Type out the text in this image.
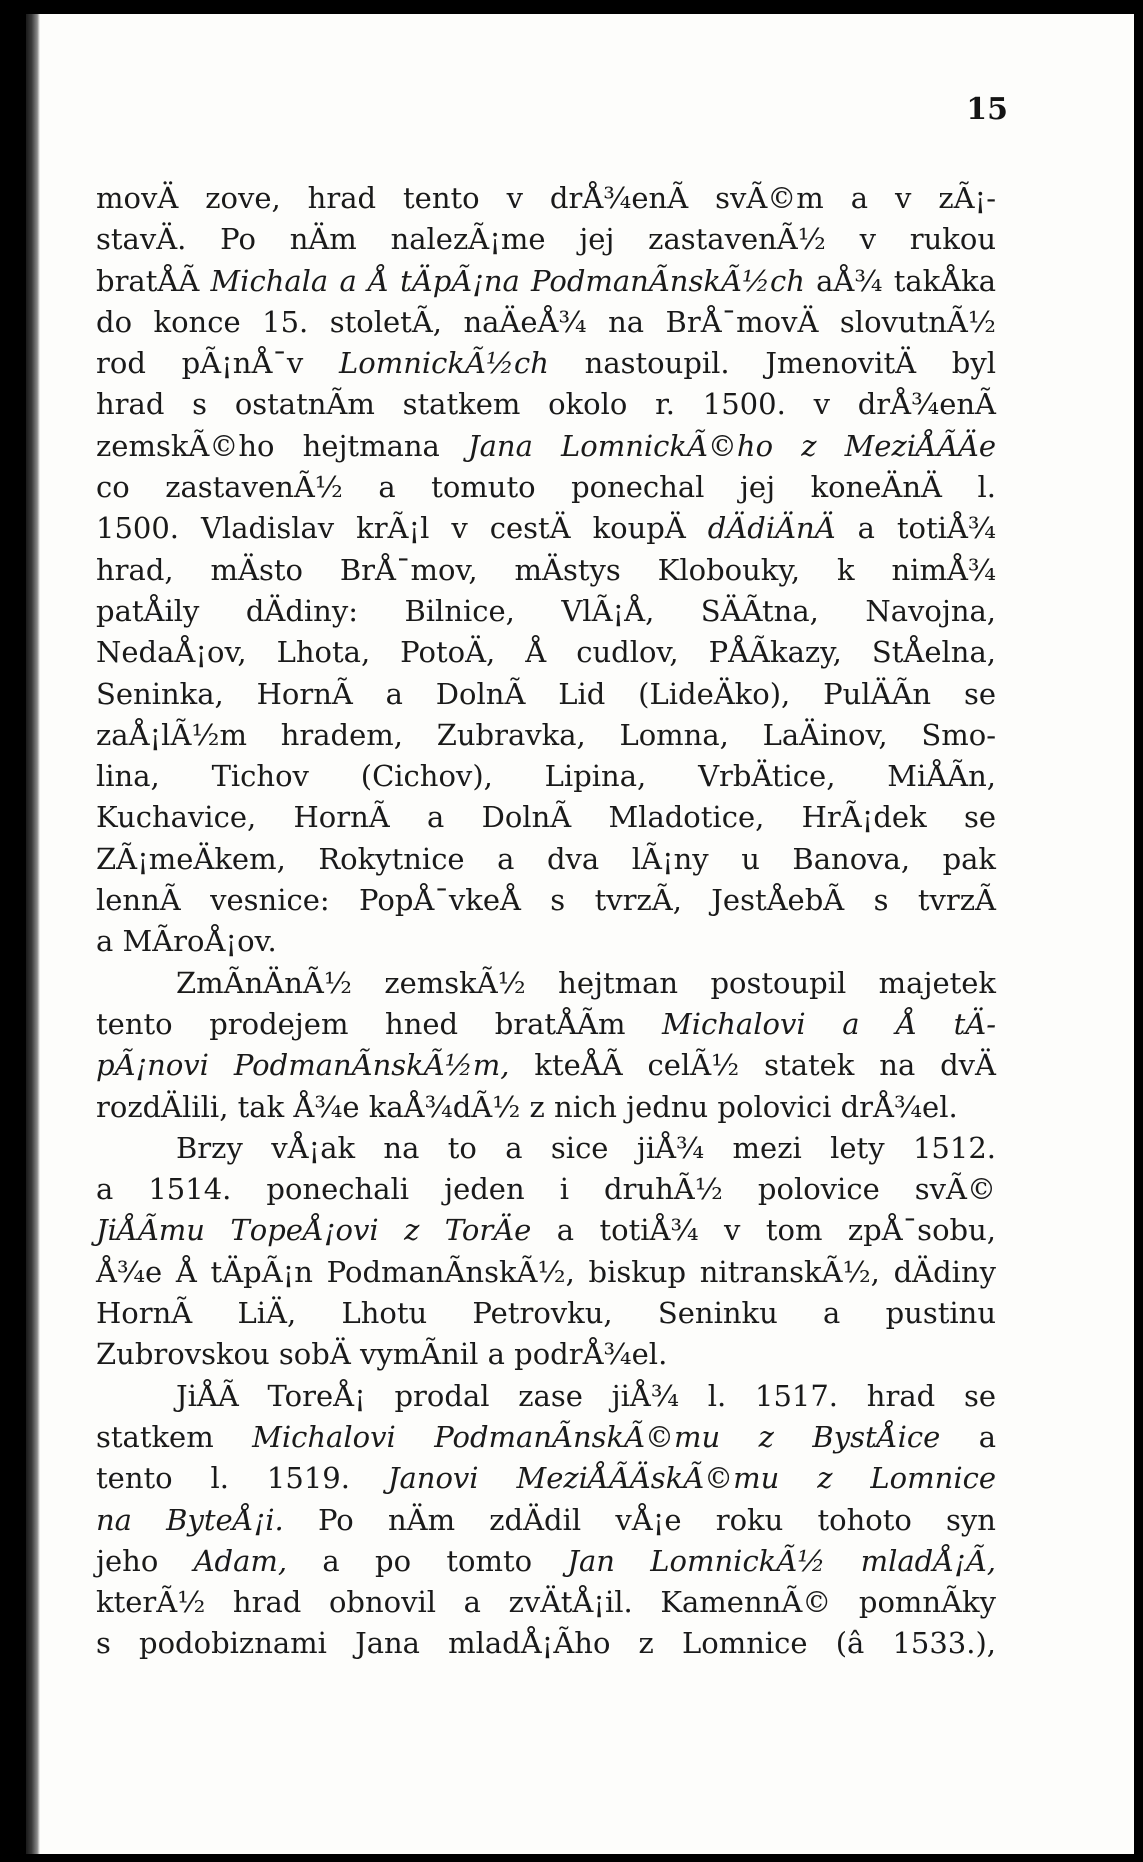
15
movÄ zove, hrad tento v drÅ¾enÃ svÃ©m a v zÃ¡-
stavÄ. Po nÄm nalezÃ¡me jej zastavenÃ½ v rukou
bratÅÃ Michala a Å tÄpÃ¡na PodmanÃnskÃ½ch aÅ¾ takÅka
do konce 15. stoletÃ, naÄeÅ¾ na BrÅ¯movÄ slovutnÃ½
rod pÃ¡nÅ¯v LomnickÃ½ch nastoupil. JmenovitÄ byl
hrad s ostatnÃm statkem okolo r. 1500. v drÅ¾enÃ
zemskÃ©ho hejtmana Jana LomnickÃ©ho z MeziÅÃÄe
co zastavenÃ½ a tomuto ponechal jej koneÄnÄ l.
1500. Vladislav krÃ¡l v cestÄ koupÄ dÄdiÄnÄ a totiÅ¾
hrad, mÄsto BrÅ¯mov, mÄstys Klobouky, k nimÅ¾
patÅily dÄdiny: Bilnice, VlÃ¡Å, SÄÃtna, Navojna,
NedaÅ¡ov, Lhota, PotoÄ, Å cudlov, PÅÃkazy, StÅelna,
Seninka, HornÃ a DolnÃ Lid (LideÄko), PulÄÃn se
zaÅ¡lÃ½m hradem, Zubravka, Lomna, LaÄinov, Smo-
lina, Tichov (Cichov), Lipina, VrbÄtice, MiÅÃn,
Kuchavice, HornÃ a DolnÃ Mladotice, HrÃ¡dek se
ZÃ¡meÄkem, Rokytnice a dva lÃ¡ny u Banova, pak
lennÃ vesnice: PopÅ¯vkeÅ s tvrzÃ, JestÅebÃ s tvrzÃ
a MÃroÅ¡ov.
ZmÃnÄnÃ½ zemskÃ½ hejtman postoupil majetek
tento prodejem hned bratÅÃm Michalovi a Å tÄ-
pÃ¡novi PodmanÃnskÃ½m, kteÅÃ celÃ½ statek na dvÄ
rozdÄlili, tak Å¾e kaÅ¾dÃ½ z nich jednu polovici drÅ¾el.
Brzy vÅ¡ak na to a sice jiÅ¾ mezi lety 1512.
a 1514. ponechali jeden i druhÃ½ polovice svÃ©
JiÅÃmu TореÅ¡ovi z TorÄe a totiÅ¾ v tom zpÅ¯sobu,
Å¾e Å tÄpÃ¡n PodmanÃnskÃ½, biskup nitranskÃ½, dÄdiny
HornÃ LiÄ, Lhotu Petrovku, Seninku a pustinu
Zubrovskou sobÄ vymÃnil a podrÅ¾el.
JiÅÃ ToreÅ¡ prodal zase jiÅ¾ l. 1517. hrad se
statkem Michalovi PodmanÃnskÃ©mu z BystÅice a
tento l. 1519. Janovi MeziÅÃÄskÃ©mu z Lomnice
na ByteÅ¡i. Po nÄm zdÄdil vÅ¡e roku tohoto syn
jeho Adam, a po tomto Jan LomnickÃ½ mladÅ¡Ã,
kterÃ½ hrad obnovil a zvÄtÅ¡il. KamennÃ© pomnÃky
s podobiznami Jana mladÅ¡Ãho z Lomnice (â 1533.),
